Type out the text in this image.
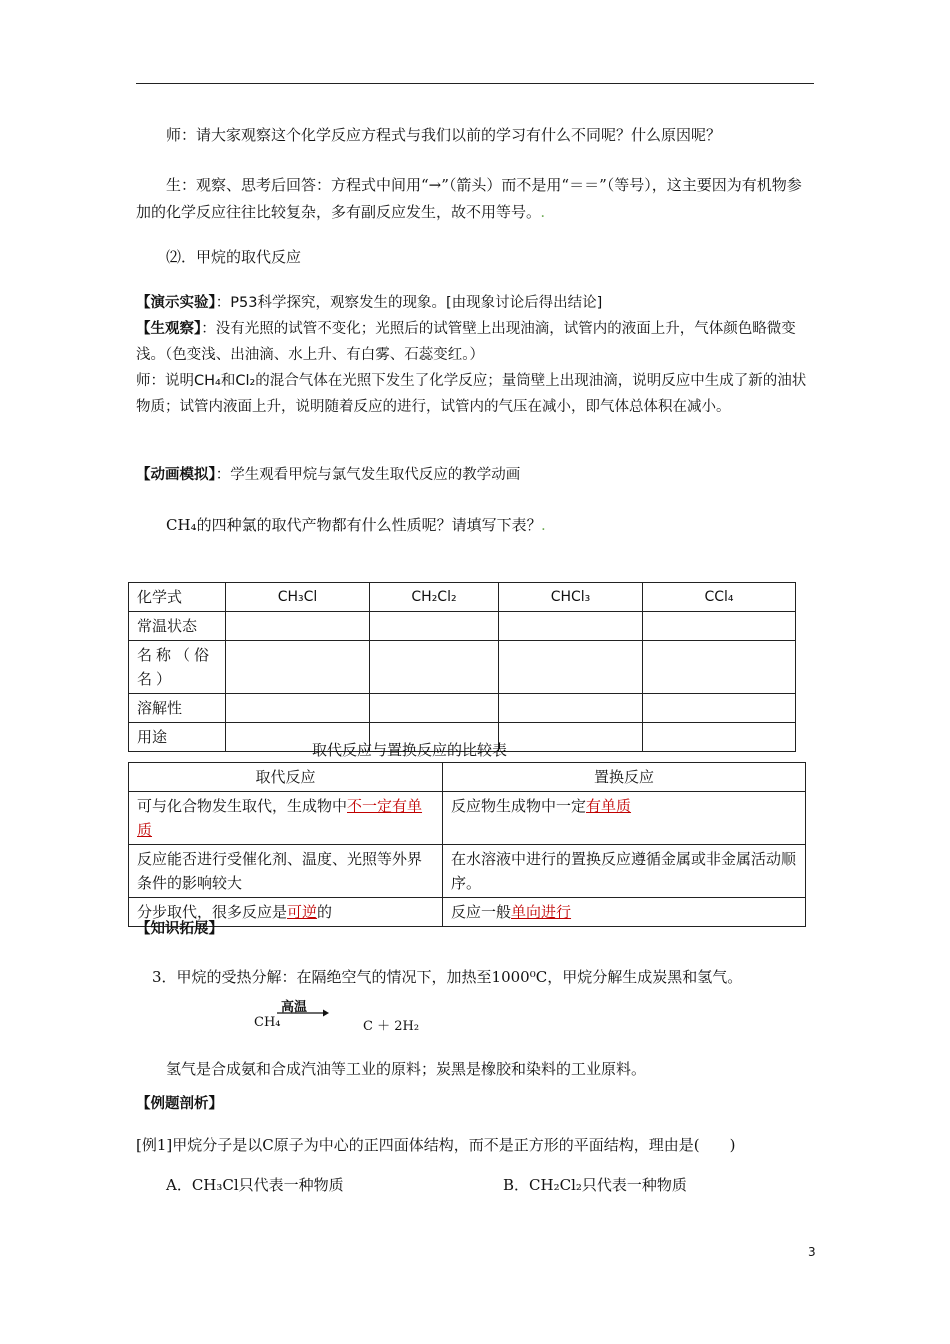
师：请大家观察这个化学反应方程式与我们以前的学习有什么不同呢？什么原因呢？
生：观察、思考后回答：方程式中间用“→”（箭头）而不是用“＝＝”（等号），这主要因为有机物参加的化学反应往往比较复杂，多有副反应发生，故不用等号。.
⑵．甲烷的取代反应
【演示实验】：P53科学探究，观察发生的现象。[由现象讨论后得出结论]
【生观察】：没有光照的试管不变化；光照后的试管壁上出现油滴，试管内的液面上升，气体颜色略微变浅。（色变浅、出油滴、水上升、有白雾、石蕊变红。）
师：说明CH₄和Cl₂的混合气体在光照下发生了化学反应；量筒壁上出现油滴，说明反应中生成了新的油状物质；试管内液面上升，说明随着反应的进行，试管内的气压在减小，即气体总体积在减小。
【动画模拟】：学生观看甲烷与氯气发生取代反应的教学动画
CH₄的四种氯的取代产物都有什么性质呢？请填写下表？.
化学式	CH₃Cl	CH₂Cl₂	CHCl₃	CCl₄
常温状态				
名称（俗名）				
溶解性				
用途				
取代反应与置换反应的比较表
取代反应	置换反应
可与化合物发生取代，生成物中不一定有单质	反应物生成物中一定有单质
反应能否进行受催化剂、温度、光照等外界条件的影响较大	在水溶液中进行的置换反应遵循金属或非金属活动顺序。
分步取代，很多反应是可逆的	反应一般单向进行
【知识拓展】
3．甲烷的受热分解：在隔绝空气的情况下，加热至1000⁰C，甲烷分解生成炭黑和氢气。
高温
CH₄	C ＋ 2H₂
氢气是合成氨和合成汽油等工业的原料；炭黑是橡胶和染料的工业原料。
【例题剖析】
[例1]甲烷分子是以C原子为中心的正四面体结构，而不是正方形的平面结构，理由是(　　)
A．CH₃Cl只代表一种物质	B．CH₂Cl₂只代表一种物质
3
